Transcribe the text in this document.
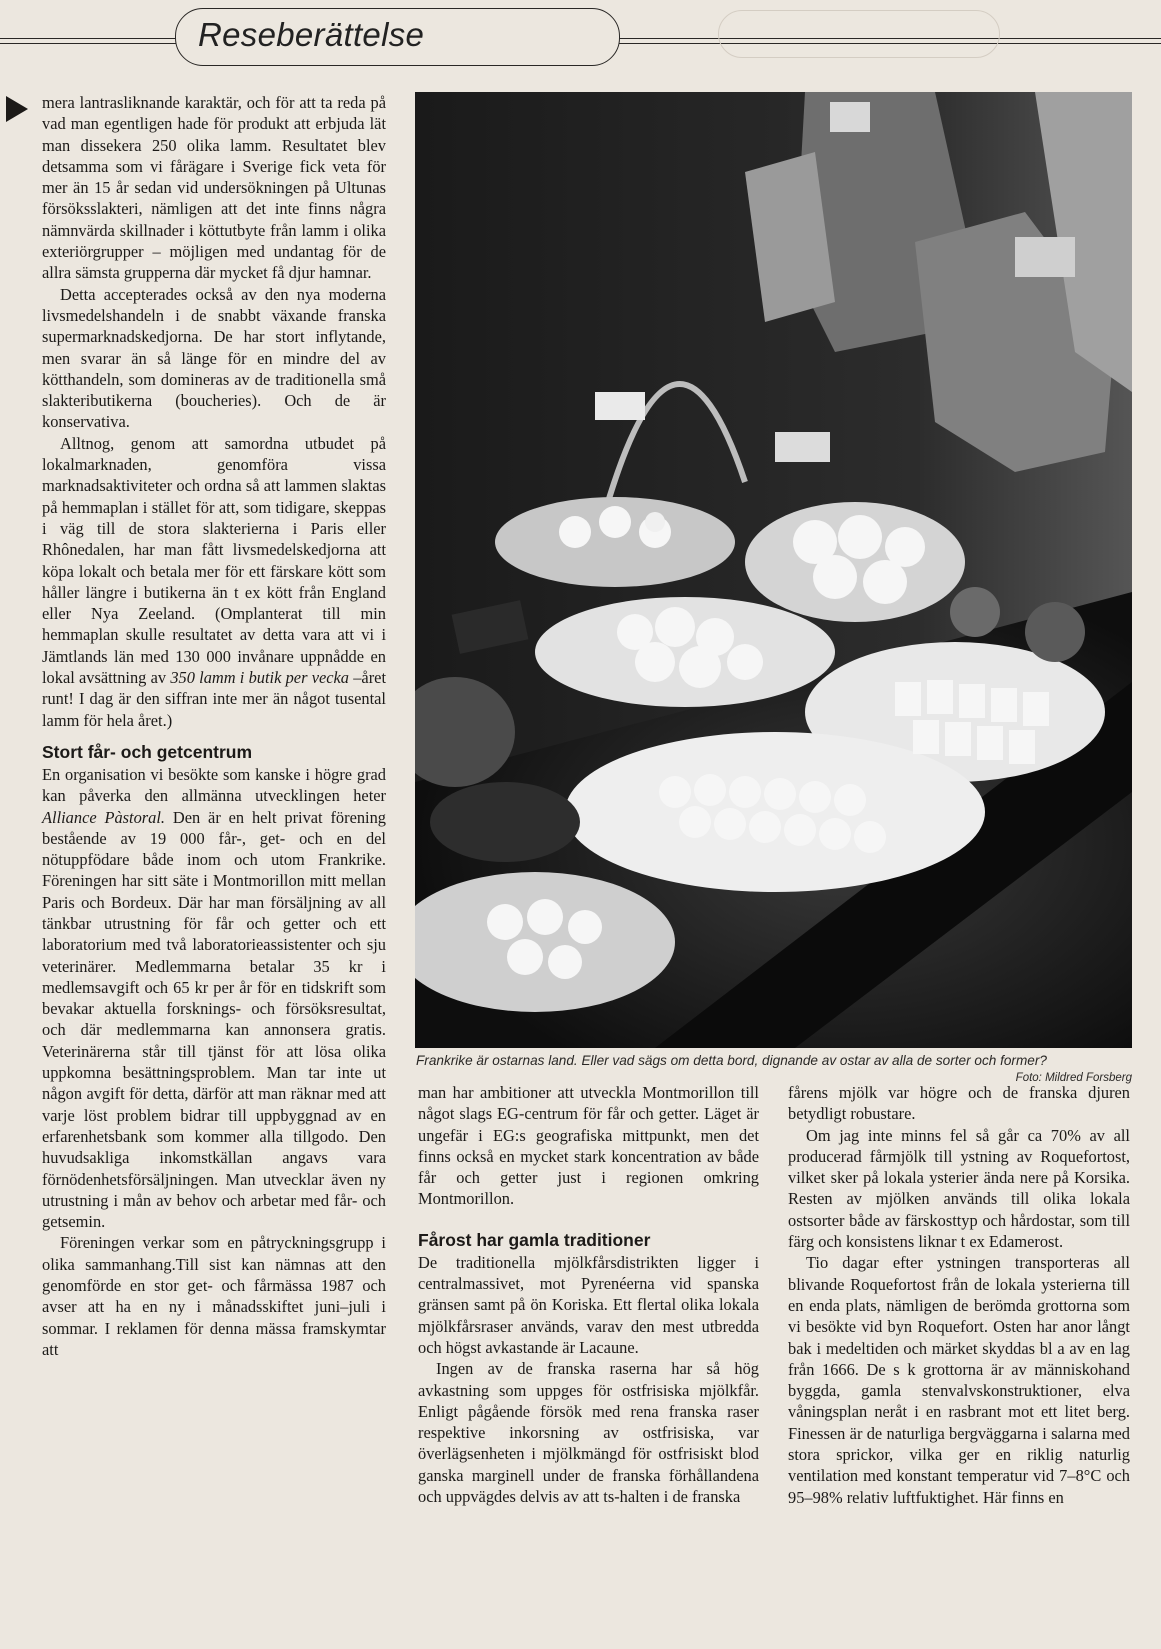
Reseberättelse

mera lantrasliknande karaktär, och för att ta reda på vad man egentligen hade för produkt att erbjuda lät man dissekera 250 olika lamm. Resultatet blev detsamma som vi fårägare i Sverige fick veta för mer än 15 år sedan vid undersökningen på Ultunas försöksslakteri, nämligen att det inte finns några nämnvärda skillnader i köttutbyte från lamm i olika exteriörgrupper – möjligen med undantag för de allra sämsta grupperna där mycket få djur hamnar.

Detta accepterades också av den nya moderna livsmedelshandeln i de snabbt växande franska supermarknadskedjorna. De har stort inflytande, men svarar än så länge för en mindre del av kötthandeln, som domineras av de traditionella små slakteributikerna (boucheries). Och de är konservativa.

Alltnog, genom att samordna utbudet på lokalmarknaden, genomföra vissa marknadsaktiviteter och ordna så att lammen slaktas på hemmaplan i stället för att, som tidigare, skeppas i väg till de stora slakterierna i Paris eller Rhônedalen, har man fått livsmedelskedjorna att köpa lokalt och betala mer för ett färskare kött som håller längre i butikerna än t ex kött från England eller Nya Zeeland. (Omplanterat till min hemmaplan skulle resultatet av detta vara att vi i Jämtlands län med 130 000 invånare uppnådde en lokal avsättning av 350 lamm i butik per vecka –året runt! I dag är den siffran inte mer än något tusental lamm för hela året.)

Stort får- och getcentrum

En organisation vi besökte som kanske i högre grad kan påverka den allmänna utvecklingen heter Alliance Pàstoral. Den är en helt privat förening bestående av 19 000 får-, get- och en del nötuppfödare både inom och utom Frankrike. Föreningen har sitt säte i Montmorillon mitt mellan Paris och Bordeux. Där har man försäljning av all tänkbar utrustning för får och getter och ett laboratorium med två laboratorieassistenter och sju veterinärer. Medlemmarna betalar 35 kr i medlemsavgift och 65 kr per år för en tidskrift som bevakar aktuella forsknings- och försöksresultat, och där medlemmarna kan annonsera gratis. Veterinärerna står till tjänst för att lösa olika uppkomna besättningsproblem. Man tar inte ut någon avgift för detta, därför att man räknar med att varje löst problem bidrar till uppbyggnad av en erfarenhetsbank som kommer alla tillgodo. Den huvudsakliga inkomstkällan angavs vara förnödenhetsförsäljningen. Man utvecklar även ny utrustning i mån av behov och arbetar med får- och getsemin.

Föreningen verkar som en påtryckningsgrupp i olika sammanhang.Till sist kan nämnas att den genomförde en stor get- och fårmässa 1987 och avser att ha en ny i månadsskiftet juni–juli i sommar. I reklamen för denna mässa framskymtar att

Frankrike är ostarnas land. Eller vad sägs om detta bord, dignande av ostar av alla de sorter och former?
Foto: Mildred Forsberg

man har ambitioner att utveckla Montmorillon till något slags EG-centrum för får och getter. Läget är ungefär i EG:s geografiska mittpunkt, men det finns också en mycket stark koncentration av både får och getter just i regionen omkring Montmorillon.

Fårost har gamla traditioner

De traditionella mjölkfårsdistrikten ligger i centralmassivet, mot Pyrenéerna vid spanska gränsen samt på ön Koriska. Ett flertal olika lokala mjölkfårsraser används, varav den mest utbredda och högst avkastande är Lacaune.

Ingen av de franska raserna har så hög avkastning som uppges för ostfrisiska mjölkfår. Enligt pågående försök med rena franska raser respektive inkorsning av ostfrisiska, var överlägsenheten i mjölkmängd för ostfrisiskt blod ganska marginell under de franska förhållandena och uppvägdes delvis av att ts-halten i de franska

fårens mjölk var högre och de franska djuren betydligt robustare.

Om jag inte minns fel så går ca 70% av all producerad fårmjölk till ystning av Roquefortost, vilket sker på lokala ysterier ända nere på Korsika. Resten av mjölken används till olika lokala ostsorter både av färskosttyp och hårdostar, som till färg och konsistens liknar t ex Edamerost.

Tio dagar efter ystningen transporteras all blivande Roquefortost från de lokala ysterierna till en enda plats, nämligen de berömda grottorna som vi besökte vid byn Roquefort. Osten har anor långt bak i medeltiden och märket skyddas bl a av en lag från 1666. De s k grottorna är av människohand byggda, gamla stenvalvskonstruktioner, elva våningsplan neråt i en rasbrant mot ett litet berg. Finessen är de naturliga bergväggarna i salarna med stora sprickor, vilka ger en riklig naturlig ventilation med konstant temperatur vid 7–8°C och 95–98% relativ luftfuktighet. Här finns en
